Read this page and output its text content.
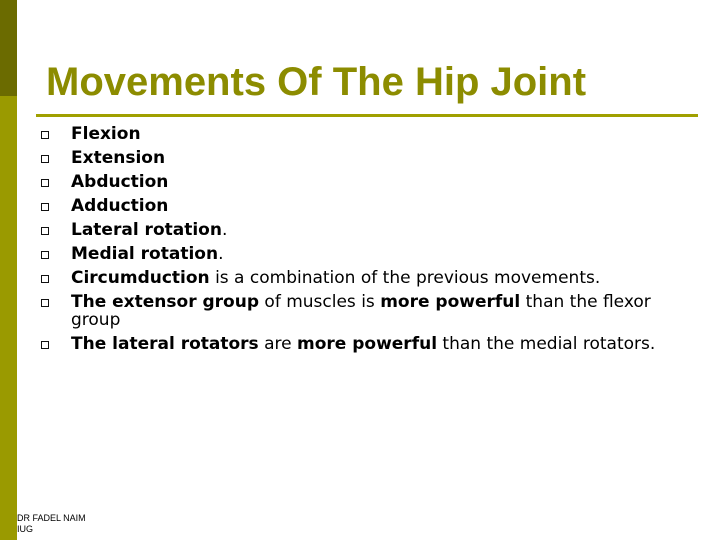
Movements Of The Hip Joint
Flexion
Extension
Abduction
Adduction
Lateral rotation.
Medial rotation.
Circumduction is a combination of the previous movements.
The extensor group of muscles is more powerful than the flexor group
The lateral rotators are more powerful than the medial rotators.
DR FADEL NAIM
IUG
